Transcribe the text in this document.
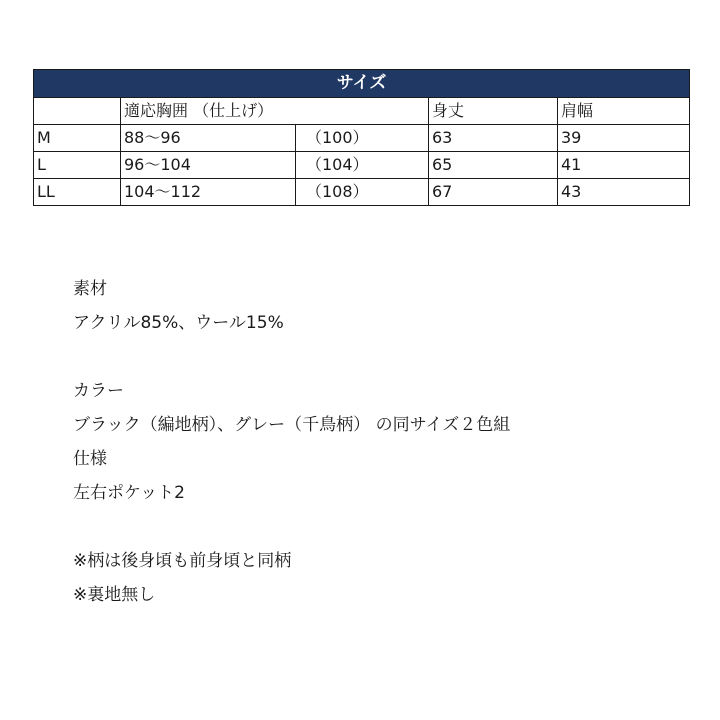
サイズ				
	適応胸囲 （仕上げ）		身丈	肩幅
M	88～96	（100）	63	39
L	96～104	（104）	65	41
LL	104～112	（108）	67	43
素材
アクリル85%、ウール15%
カラー
ブラック（編地柄）、グレー（千鳥柄） の同サイズ２色組
仕様
左右ポケット2
※柄は後身頃も前身頃と同柄
※裏地無し
